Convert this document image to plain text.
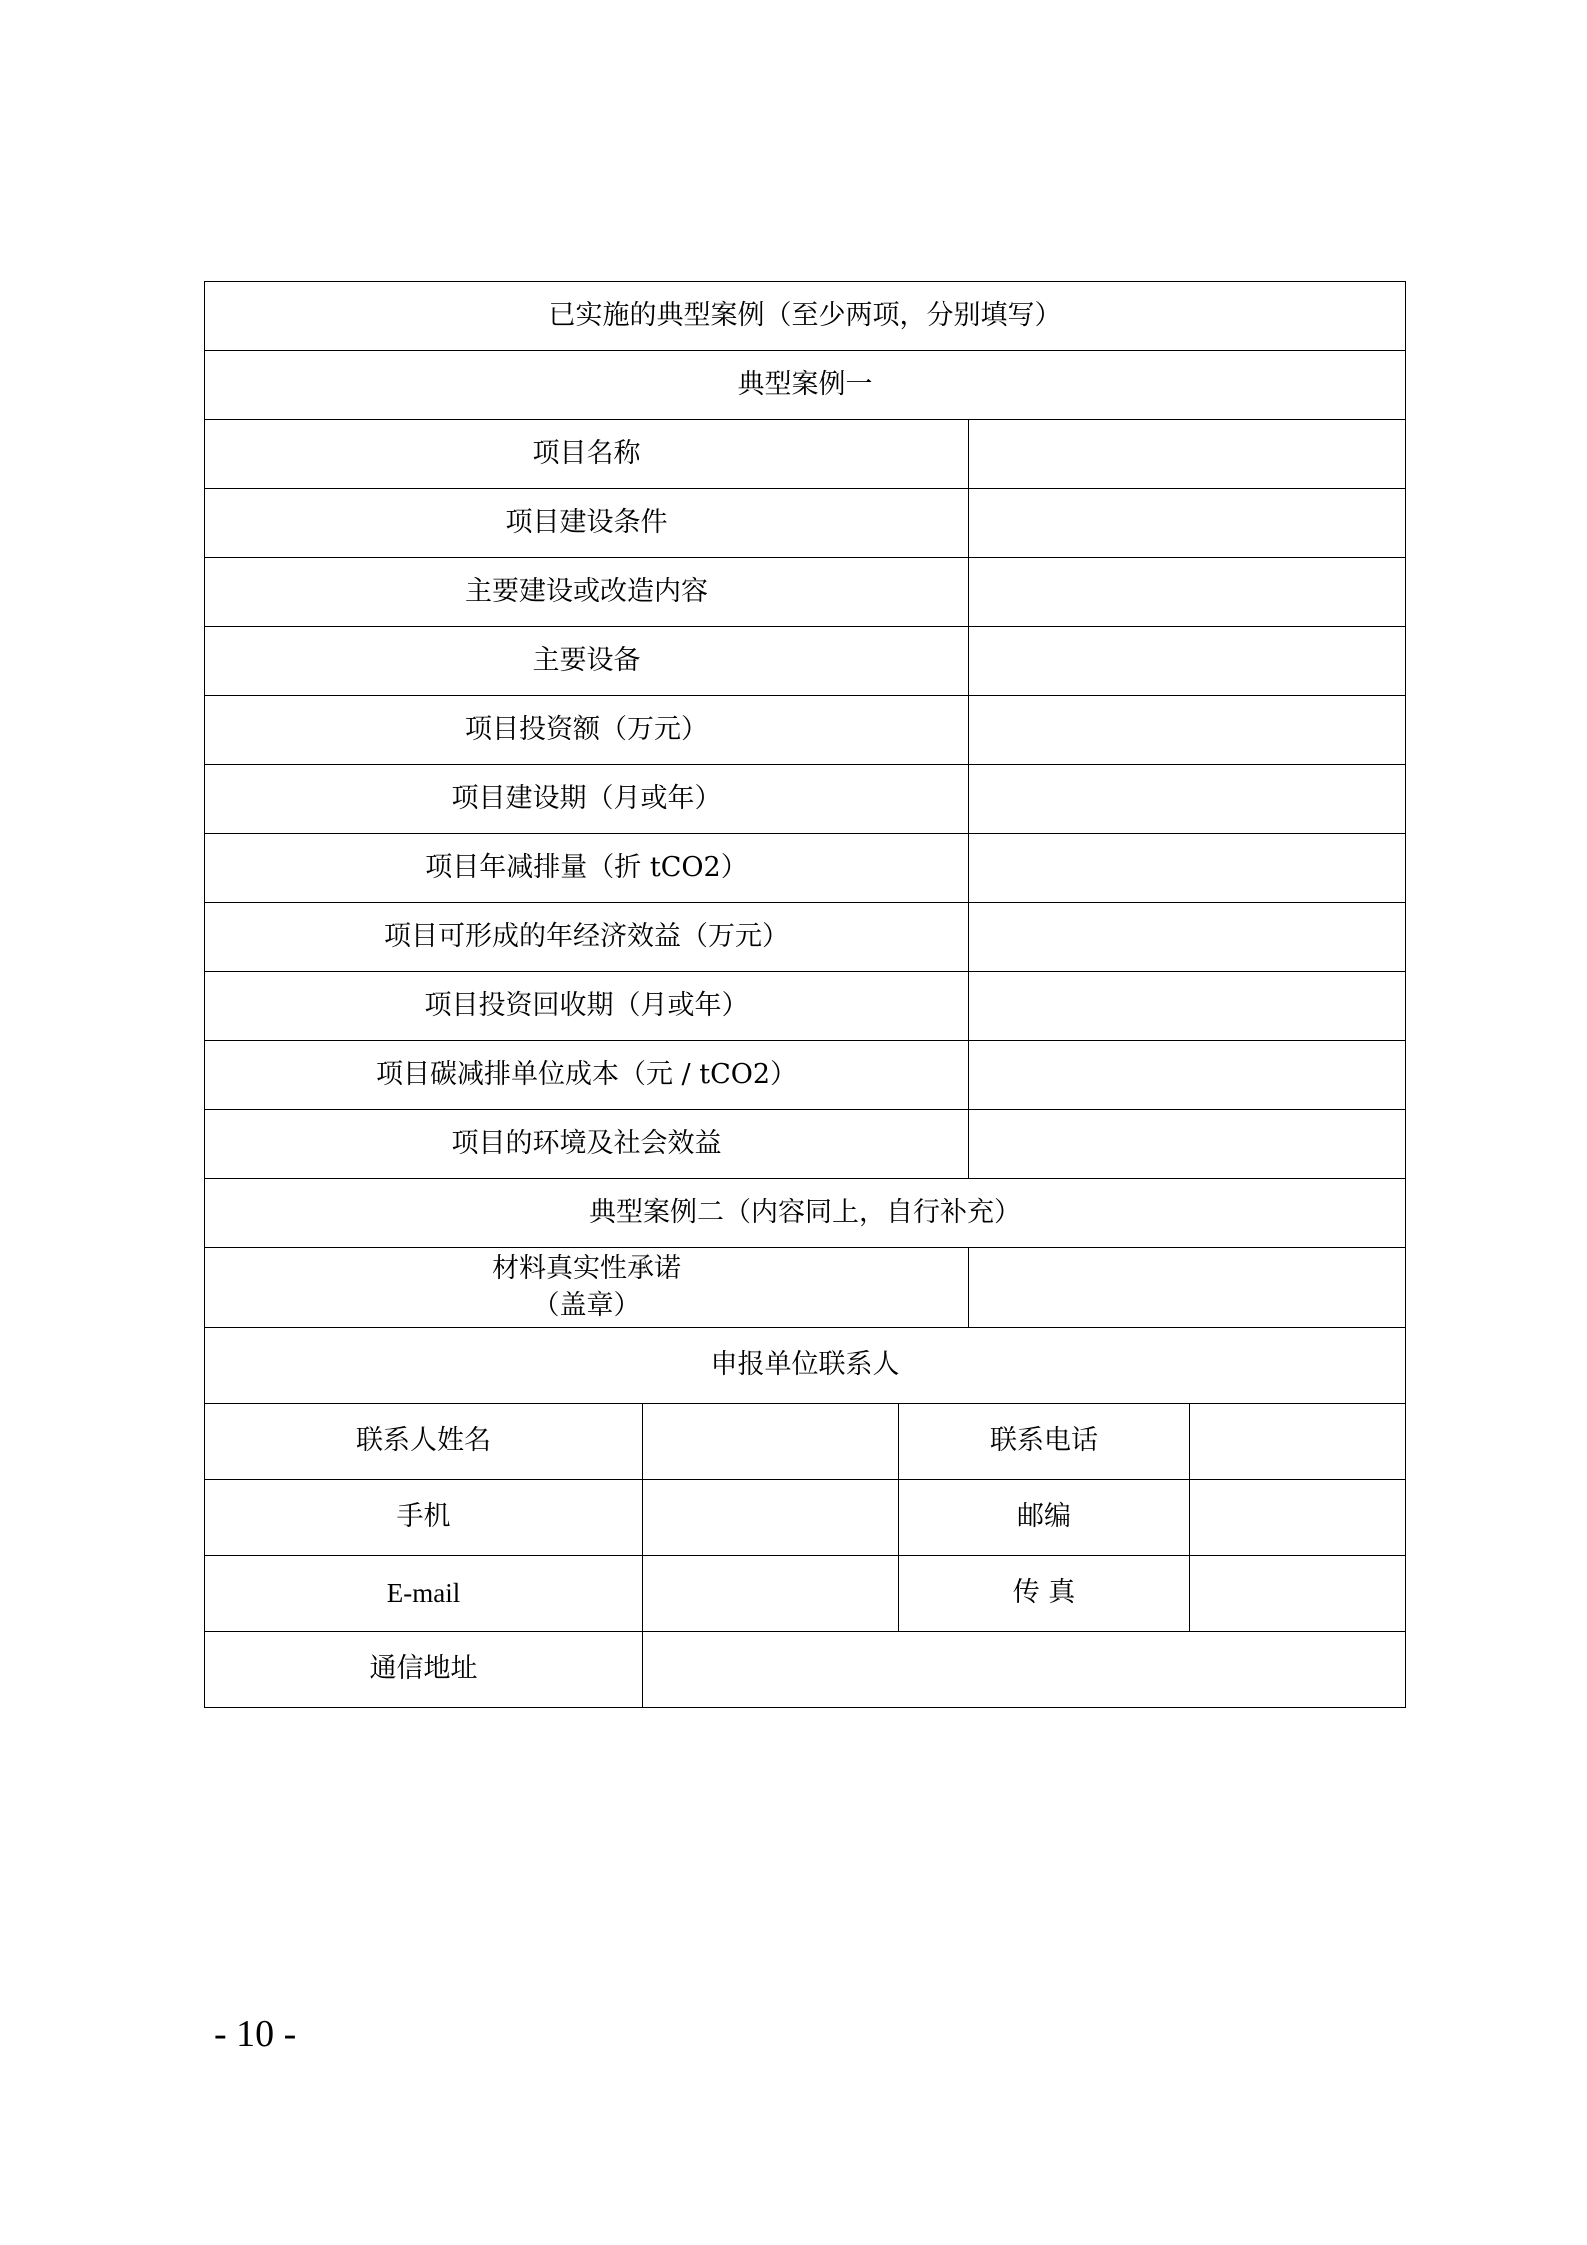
已实施的典型案例（至少两项，分别填写）				
典型案例一				
项目名称				
项目建设条件				
主要建设或改造内容				
主要设备				
项目投资额（万元）				
项目建设期（月或年）				
项目年减排量（折 tCO2）				
项目可形成的年经济效益（万元）				
项目投资回收期（月或年）				
项目碳减排单位成本（元 / tCO2）				
项目的环境及社会效益				
典型案例二（内容同上，自行补充）				

材料真实性承诺
（盖章）				

申报单位联系人				
联系人姓名		联系电话		
手机		邮编		
E-mail		传 真		
通信地址				
- 10 -
